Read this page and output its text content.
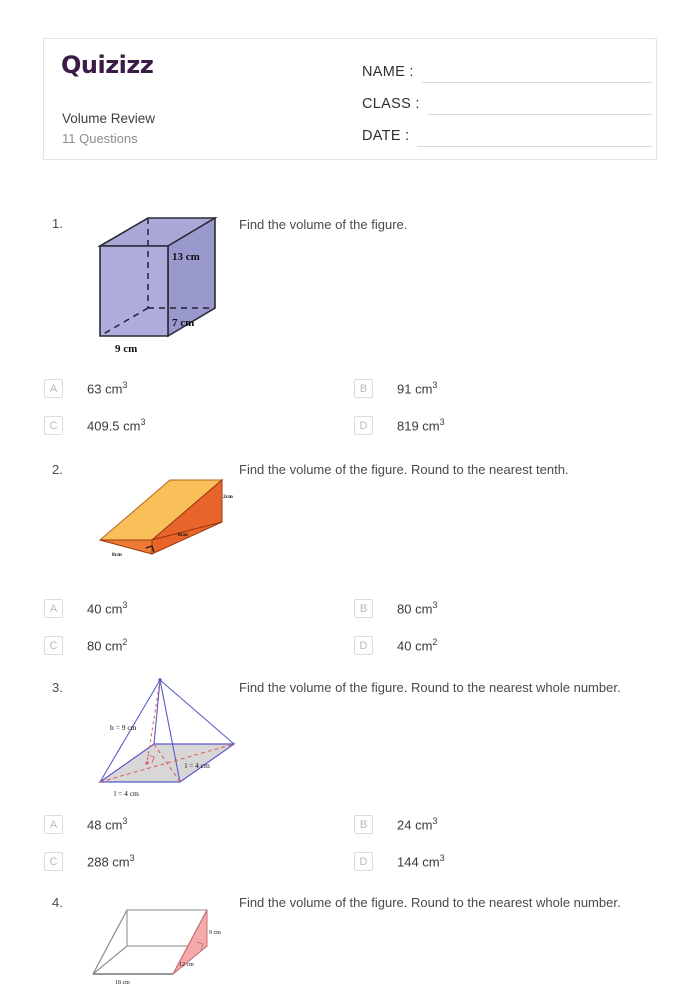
Quizizz
Volume Review
11 Questions
NAME :
CLASS :
DATE :
1.	Find the volume of the figure.
13 cm
7 cm
9 cm
A	63 $cm^3$	B	91 $cm^3$
C	409.5 $cm^3$	D	819 $cm^3$
2.	Find the volume of the figure. Round to the nearest tenth.
2cm
8cm
8cm
A	40 $cm^3$	B	80 $cm^3$
C	80 $cm^2$	D	40 $cm^2$
3.	Find the volume of the figure. Round to the nearest whole number.
h = 9 cm
l = 4 cm
l = 4 cm
A	48 $cm^3$	B	24 $cm^3$
C	288 $cm^3$	D	144 $cm^3$
4.	Find the volume of the figure. Round to the nearest whole number.
9 cm
12 cm
18 cm
